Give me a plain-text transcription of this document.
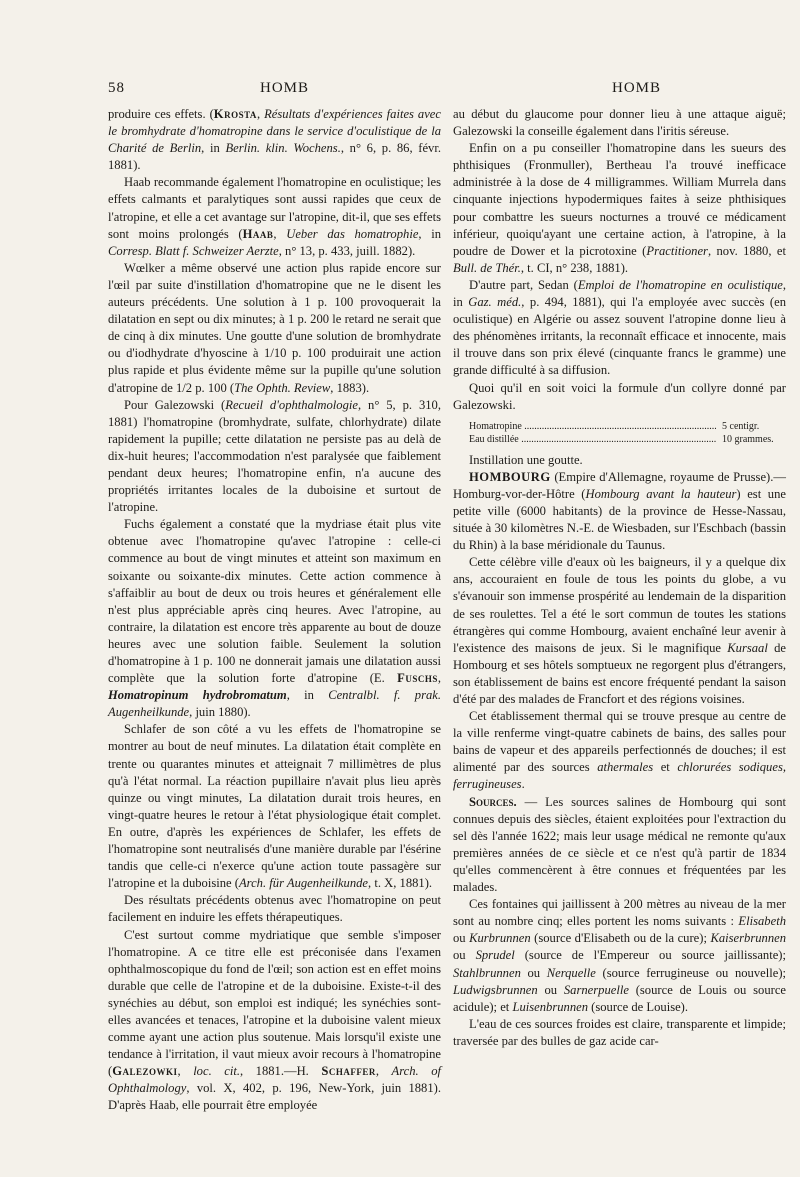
58	HOMB	HOMB

produire ces effets. (Krosta, Résultats d'expériences faites avec le bromhydrate d'homatropine dans le service d'oculistique de la Charité de Berlin, in Berlin. klin. Wochens., n° 6, p. 86, févr. 1881).

Haab recommande également l'homatropine en oculistique; les effets calmants et paralytiques sont aussi rapides que ceux de l'atropine, et elle a cet avantage sur l'atropine, dit-il, que ses effets sont moins prolongés (Haab, Ueber das homatrophie, in Corresp. Blatt f. Schweizer Aerzte, n° 13, p. 433, juill. 1882).

Wœlker a même observé une action plus rapide encore sur l'œil par suite d'instillation d'homatropine que ne le disent les auteurs précédents. Une solution à 1 p. 100 provoquerait la dilatation en sept ou dix minutes; à 1 p. 200 le retard ne serait que de cinq à dix minutes. Une goutte d'une solution de bromhydrate ou d'iodhydrate d'hyoscine à 1/10 p. 100 produirait une action plus rapide et plus évidente même sur la pupille qu'une solution d'atropine de 1/2 p. 100 (The Ophth. Review, 1883).

Pour Galezowski (Recueil d'ophthalmologie, n° 5, p. 310, 1881) l'homatropine (bromhydrate, sulfate, chlorhydrate) dilate rapidement la pupille; cette dilatation ne persiste pas au delà de dix-huit heures; l'accommodation n'est paralysée que faiblement pendant deux heures; l'homatropine enfin, n'a aucune des propriétés irritantes locales de la duboisine et surtout de l'atropine.

Fuchs également a constaté que la mydriase était plus vite obtenue avec l'homatropine qu'avec l'atropine : celle-ci commence au bout de vingt minutes et atteint son maximum en soixante ou soixante-dix minutes. Cette action commence à s'affaiblir au bout de deux ou trois heures et généralement elle n'est plus appréciable après cinq heures. Avec l'atropine, au contraire, la dilatation est encore très apparente au bout de douze heures avec une solution faible. Seulement la solution d'homatropine à 1 p. 100 ne donnerait jamais une dilatation aussi complète que la solution forte d'atropine (E. Fuschs, Homatropinum hydrobromatum, in Centralbl. f. prak. Augenheilkunde, juin 1880).

Schlafer de son côté a vu les effets de l'homatropine se montrer au bout de neuf minutes. La dilatation était complète en trente ou quarantes minutes et atteignait 7 millimètres de plus qu'à l'état normal. La réaction pupillaire n'avait plus lieu après quinze ou vingt minutes, La dilatation durait trois heures, en vingt-quatre heures le retour à l'état physiologique était complet. En outre, d'après les expériences de Schlafer, les effets de l'homatropine sont neutralisés d'une manière durable par l'ésérine tandis que celle-ci n'exerce qu'une action toute passagère sur l'atropine et la duboisine (Arch. für Augenheilkunde, t. X, 1881).

Des résultats précédents obtenus avec l'homatropine on peut facilement en induire les effets thérapeutiques.

C'est surtout comme mydriatique que semble s'imposer l'homatropine. A ce titre elle est préconisée dans l'examen ophthalmoscopique du fond de l'œil; son action est en effet moins durable que celle de l'atropine et de la duboisine. Existe-t-il des synéchies au début, son emploi est indiqué; les synéchies sont-elles avancées et tenaces, l'atropine et la duboisine valent mieux comme ayant une action plus soutenue. Mais lorsqu'il existe une tendance à l'irritation, il vaut mieux avoir recours à l'homatropine (Galezowki, loc. cit., 1881.—H. Schaffer, Arch. of Ophthalmology, vol. X, 402, p. 196, New-York, juin 1881). D'après Haab, elle pourrait être employée

au début du glaucome pour donner lieu à une attaque aiguë; Galezowski la conseille également dans l'iritis séreuse.

Enfin on a pu conseiller l'homatropine dans les sueurs des phthisiques (Fronmuller), Bertheau l'a trouvé inefficace administrée à la dose de 4 milligrammes. William Murrela dans cinquante injections hypodermiques faites à seize phthisiques pour combattre les sueurs nocturnes a trouvé ce médicament inférieur, quoiqu'ayant une certaine action, à l'atropine, à la poudre de Dower et la picrotoxine (Practitioner, nov. 1880, et Bull. de Thér., t. CI, n° 238, 1881).

D'autre part, Sedan (Emploi de l'homatropine en oculistique, in Gaz. méd., p. 494, 1881), qui l'a employée avec succès (en oculistique) en Algérie ou assez souvent l'atropine donne lieu à des phénomènes irritants, la reconnaît efficace et innocente, mais il trouve dans son prix élevé (cinquante francs le gramme) une grande difficulté à sa diffusion.

Quoi qu'il en soit voici la formule d'un collyre donné par Galezowski.

Homatropine .....	5 centigr.
Eau distillée .....	10 grammes.

Instillation une goutte.

HOMBOURG (Empire d'Allemagne, royaume de Prusse).—Homburg-vor-der-Hôtre (Hombourg avant la hauteur) est une petite ville (6000 habitants) de la province de Hesse-Nassau, située à 30 kilomètres N.-E. de Wiesbaden, sur l'Eschbach (bassin du Rhin) à la base méridionale du Taunus.

Cette célèbre ville d'eaux où les baigneurs, il y a quelque dix ans, accouraient en foule de tous les points du globe, a vu s'évanouir son immense prospérité au lendemain de la disparition de ses roulettes. Tel a été le sort commun de toutes les stations étrangères qui comme Hombourg, avaient enchaîné leur avenir à l'existence des maisons de jeux. Si le magnifique Kursaal de Hombourg et ses hôtels somptueux ne regorgent plus d'étrangers, son établissement de bains est encore fréquenté pendant la saison d'été par des malades de Francfort et des régions voisines.

Cet établissement thermal qui se trouve presque au centre de la ville renferme vingt-quatre cabinets de bains, des salles pour bains de vapeur et des appareils perfectionnés de douches; il est alimenté par des sources athermales et chlorurées sodiques, ferrugineuses.

Sources. — Les sources salines de Hombourg qui sont connues depuis des siècles, étaient exploitées pour l'extraction du sel dès l'année 1622; mais leur usage médical ne remonte qu'aux premières années de ce siècle et ce n'est qu'à partir de 1834 qu'elles commencèrent à être connues et fréquentées par les malades.

Ces fontaines qui jaillissent à 200 mètres au niveau de la mer sont au nombre cinq; elles portent les noms suivants : Elisabeth ou Kurbrunnen (source d'Elisabeth ou de la cure); Kaiserbrunnen ou Sprudel (source de l'Empereur ou source jaillissante); Stahlbrunnen ou Nerquelle (source ferrugineuse ou nouvelle); Ludwigsbrunnen ou Sarnerpuelle (source de Louis ou source acidule); et Luisenbrunnen (source de Louise).

L'eau de ces sources froides est claire, transparente et limpide; traversée par des bulles de gaz acide car-
